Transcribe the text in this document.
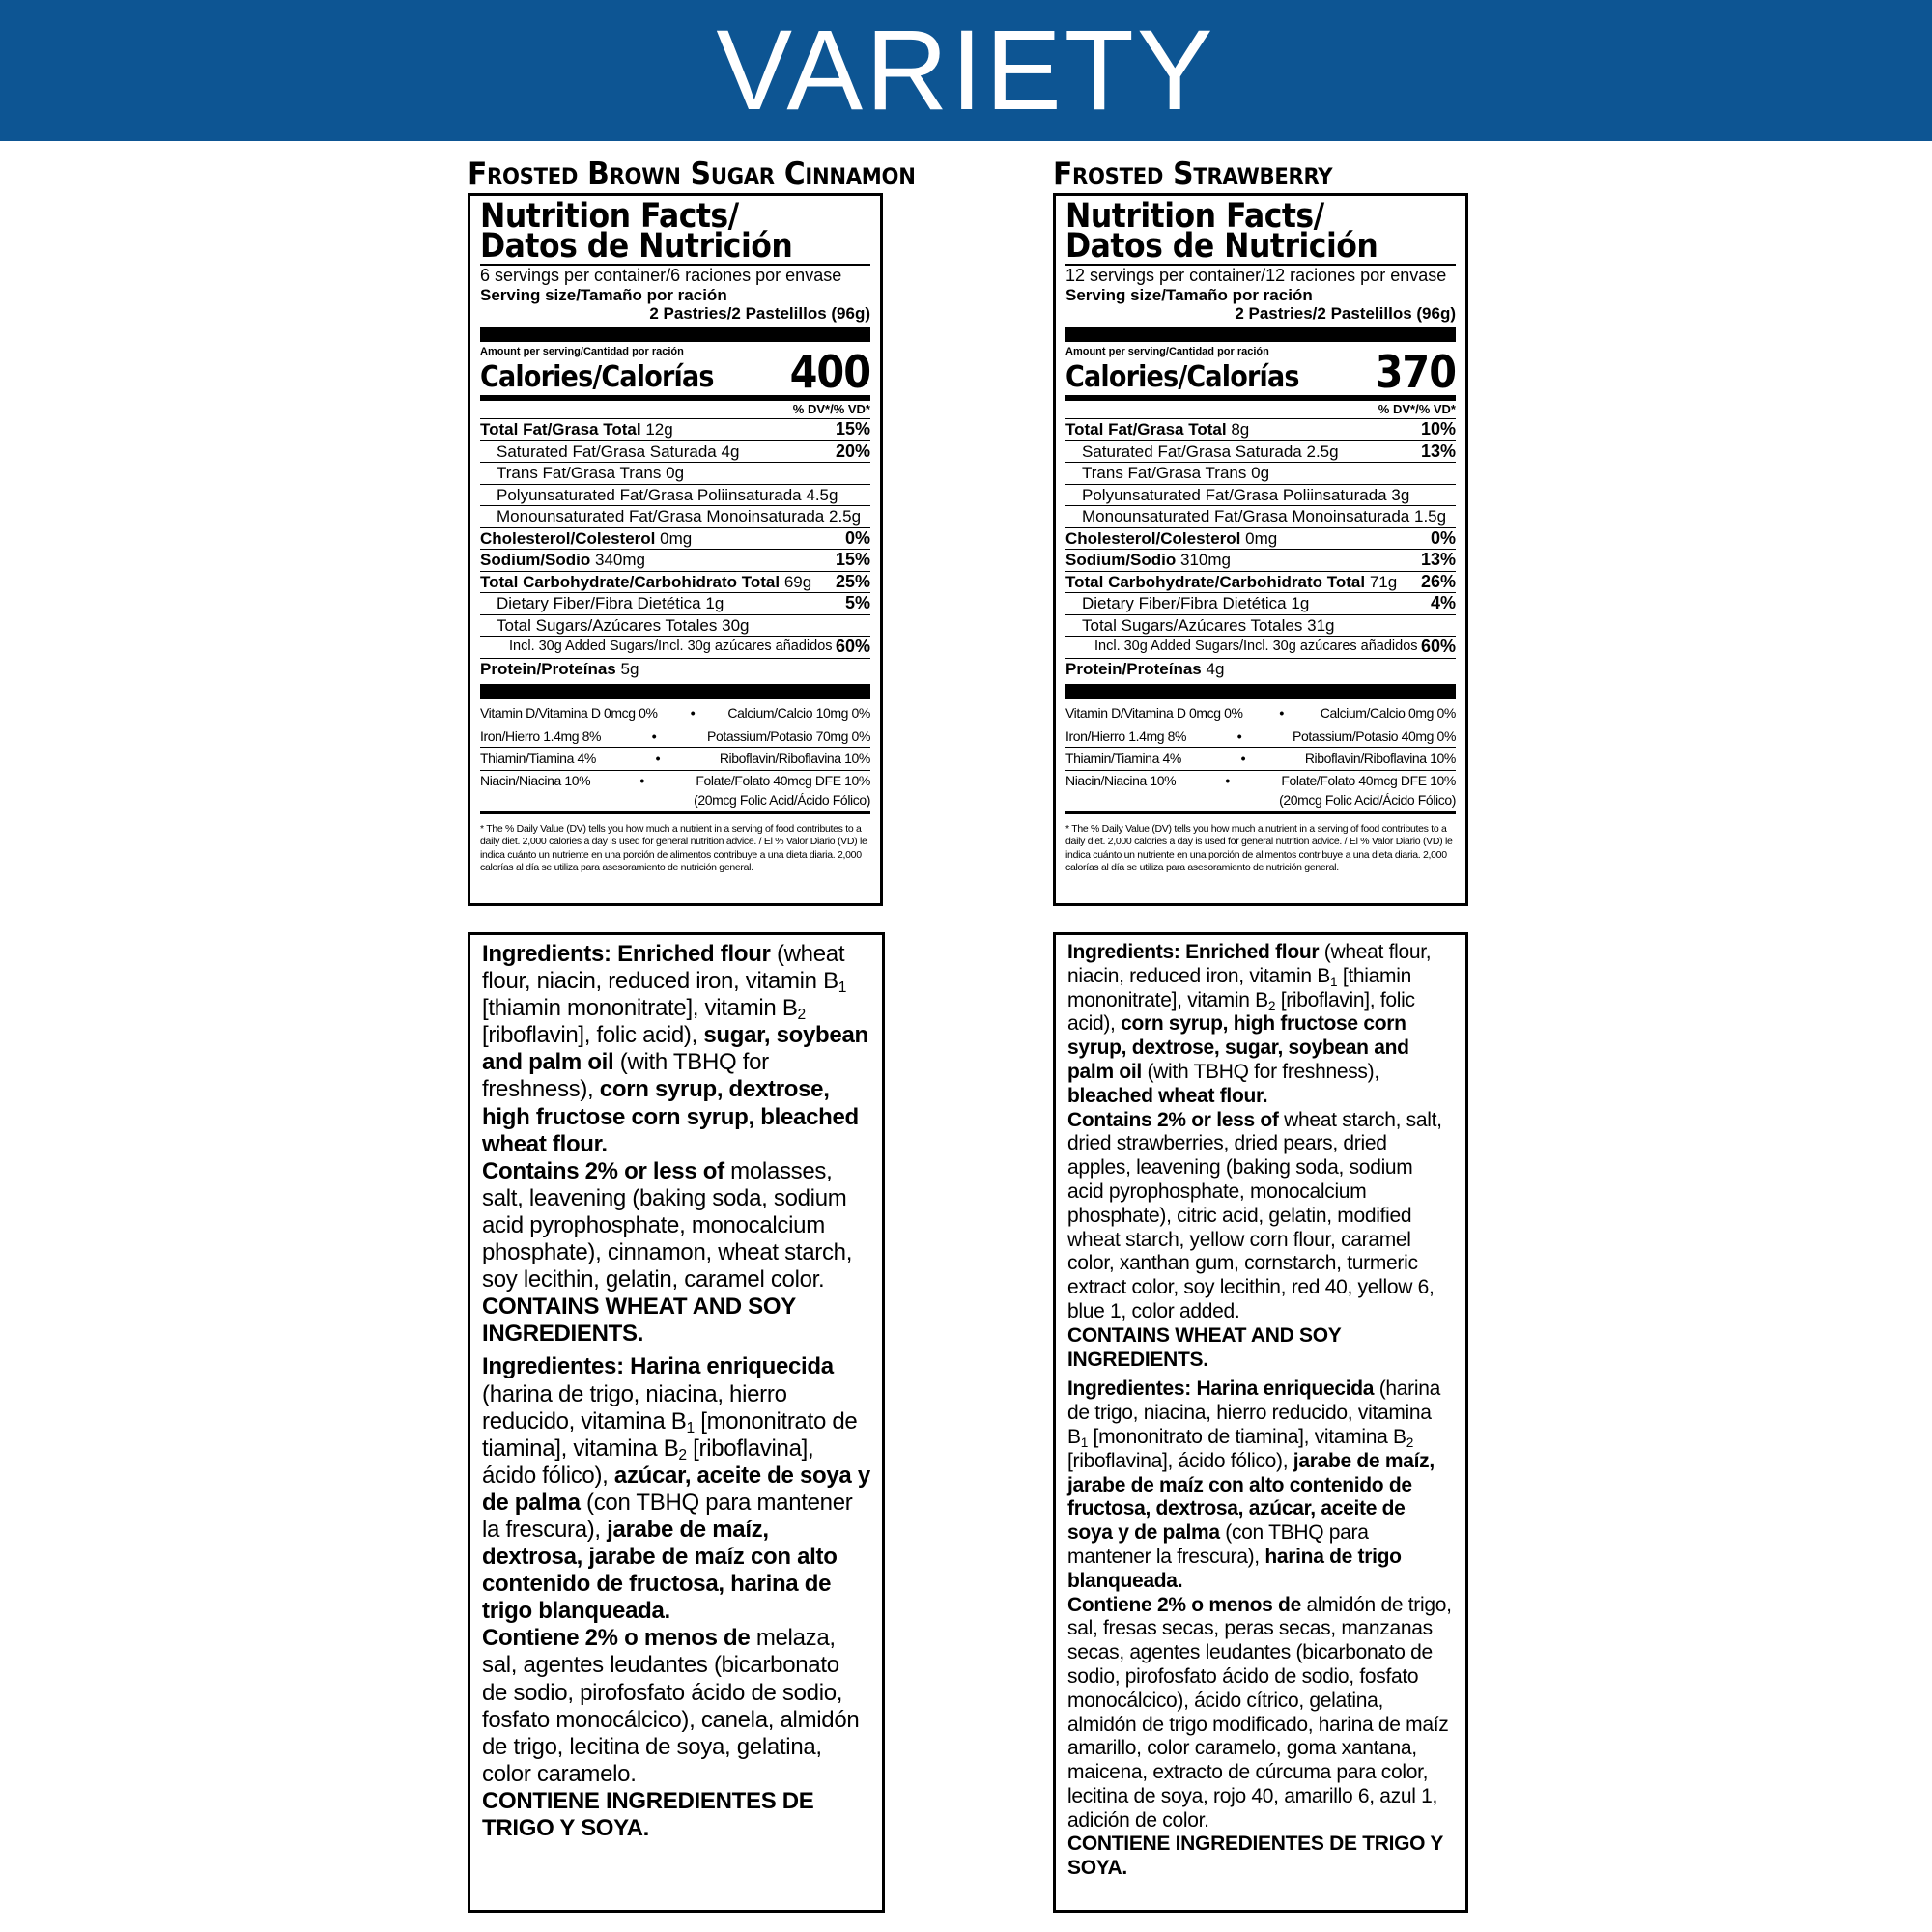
VARIETY
Frosted Brown Sugar Cinnamon
Nutrition Facts/
Datos de Nutrición
6 servings per container/6 raciones por envase
Serving size/Tamaño por ración
2 Pastries/2 Pastelillos (96g)
Amount per serving/Cantidad por ración
Calories/Calorías 400
% DV*/% VD*
Total Fat/Grasa Total 12g	15%
Saturated Fat/Grasa Saturada 4g	20%
Trans Fat/Grasa Trans 0g
Polyunsaturated Fat/Grasa Poliinsaturada 4.5g
Monounsaturated Fat/Grasa Monoinsaturada 2.5g
Cholesterol/Colesterol 0mg	0%
Sodium/Sodio 340mg	15%
Total Carbohydrate/Carbohidrato Total 69g 25%
Dietary Fiber/Fibra Dietética 1g	5%
Total Sugars/Azúcares Totales 30g
Incl. 30g Added Sugars/Incl. 30g azúcares añadidos 60%
Protein/Proteínas 5g
Vitamin D/Vitamina D 0mcg 0%	•	Calcium/Calcio 10mg 0%
Iron/Hierro 1.4mg 8%	•	Potassium/Potasio 70mg 0%
Thiamin/Tiamina 4%	•	Riboflavin/Riboflavina 10%
Niacin/Niacina 10%	•	Folate/Folato 40mcg DFE 10%
(20mcg Folic Acid/Ácido Fólico)
* The % Daily Value (DV) tells you how much a nutrient in a serving of food contributes to a daily diet. 2,000 calories a day is used for general nutrition advice. / El % Valor Diario (VD) le indica cuánto un nutriente en una porción de alimentos contribuye a una dieta diaria. 2,000 calorías al día se utiliza para asesoramiento de nutrición general.

Ingredients: Enriched flour (wheat flour, niacin, reduced iron, vitamin $B_1$ [thiamin mononitrate], vitamin $B_2$ [riboflavin], folic acid), sugar, soybean and palm oil (with TBHQ for freshness), corn syrup, dextrose, high fructose corn syrup, bleached wheat flour.

Contains 2% or less of molasses, salt, leavening (baking soda, sodium acid pyrophosphate, monocalcium phosphate), cinnamon, wheat starch, soy lecithin, gelatin, caramel color.

CONTAINS WHEAT AND SOY INGREDIENTS.

Ingredientes: Harina enriquecida (harina de trigo, niacina, hierro reducido, vitamina $B_1$ [mononitrato de tiamina], vitamina $B_2$ [riboflavina], ácido fólico), azúcar, aceite de soya y de palma (con TBHQ para mantener la frescura), jarabe de maíz, dextrosa, jarabe de maíz con alto contenido de fructosa, harina de trigo blanqueada.

Contiene 2% o menos de melaza, sal, agentes leudantes (bicarbonato de sodio, pirofosfato ácido de sodio, fosfato monocálcico), canela, almidón de trigo, lecitina de soya, gelatina, color caramelo.

CONTIENE INGREDIENTES DE TRIGO Y SOYA.

Frosted Strawberry
Nutrition Facts/
Datos de Nutrición
12 servings per container/12 raciones por envase
Serving size/Tamaño por ración
2 Pastries/2 Pastelillos (96g)
Amount per serving/Cantidad por ración
Calories/Calorías 370
% DV*/% VD*
Total Fat/Grasa Total 8g	10%
Saturated Fat/Grasa Saturada 2.5g	13%
Trans Fat/Grasa Trans 0g
Polyunsaturated Fat/Grasa Poliinsaturada 3g
Monounsaturated Fat/Grasa Monoinsaturada 1.5g
Cholesterol/Colesterol 0mg	0%
Sodium/Sodio 310mg	13%
Total Carbohydrate/Carbohidrato Total 71g 26%
Dietary Fiber/Fibra Dietética 1g	4%
Total Sugars/Azúcares Totales 31g
Incl. 30g Added Sugars/Incl. 30g azúcares añadidos 60%
Protein/Proteínas 4g
Vitamin D/Vitamina D 0mcg 0%	•	Calcium/Calcio 0mg 0%
Iron/Hierro 1.4mg 8%	•	Potassium/Potasio 40mg 0%
Thiamin/Tiamina 4%	•	Riboflavin/Riboflavina 10%
Niacin/Niacina 10%	•	Folate/Folato 40mcg DFE 10%
(20mcg Folic Acid/Ácido Fólico)
* The % Daily Value (DV) tells you how much a nutrient in a serving of food contributes to a daily diet. 2,000 calories a day is used for general nutrition advice. / El % Valor Diario (VD) le indica cuánto un nutriente en una porción de alimentos contribuye a una dieta diaria. 2,000 calorías al día se utiliza para asesoramiento de nutrición general.

Ingredients: Enriched flour (wheat flour, niacin, reduced iron, vitamin $B_1$ [thiamin mononitrate], vitamin $B_2$ [riboflavin], folic acid), corn syrup, high fructose corn syrup, dextrose, sugar, soybean and palm oil (with TBHQ for freshness), bleached wheat flour.

Contains 2% or less of wheat starch, salt, dried strawberries, dried pears, dried apples, leavening (baking soda, sodium acid pyrophosphate, monocalcium phosphate), citric acid, gelatin, modified wheat starch, yellow corn flour, caramel color, xanthan gum, cornstarch, turmeric extract color, soy lecithin, red 40, yellow 6, blue 1, color added.

CONTAINS WHEAT AND SOY INGREDIENTS.

Ingredientes: Harina enriquecida (harina de trigo, niacina, hierro reducido, vitamina $B_1$ [mononitrato de tiamina], vitamina $B_2$ [riboflavina], ácido fólico), jarabe de maíz, jarabe de maíz con alto contenido de fructosa, dextrosa, azúcar, aceite de soya y de palma (con TBHQ para mantener la frescura), harina de trigo blanqueada.

Contiene 2% o menos de almidón de trigo, sal, fresas secas, peras secas, manzanas secas, agentes leudantes (bicarbonato de sodio, pirofosfato ácido de sodio, fosfato monocálcico), ácido cítrico, gelatina, almidón de trigo modificado, harina de maíz amarillo, color caramelo, goma xantana, maicena, extracto de cúrcuma para color, lecitina de soya, rojo 40, amarillo 6, azul 1, adición de color.

CONTIENE INGREDIENTES DE TRIGO Y SOYA.
